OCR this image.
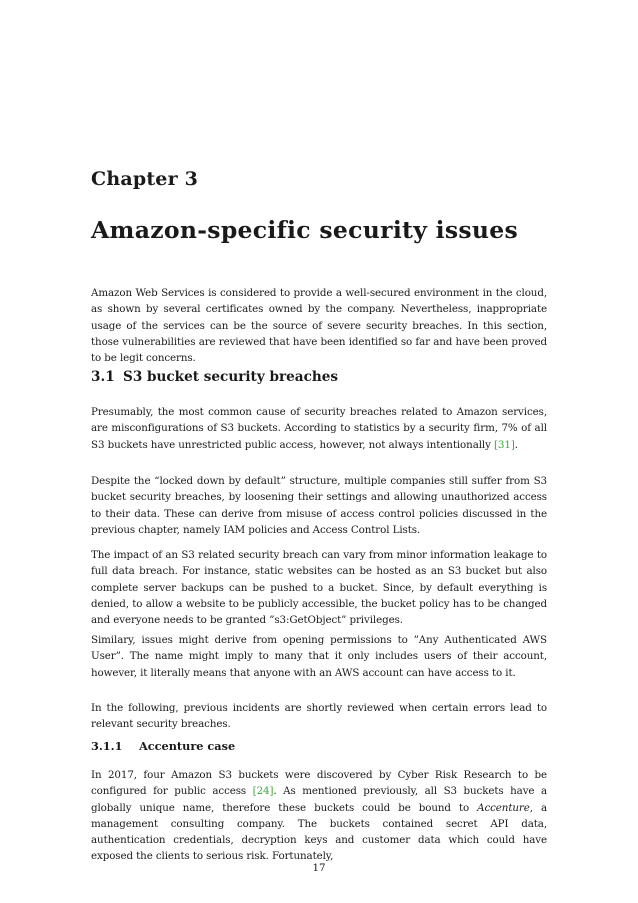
Chapter 3
Amazon-specific security issues

Amazon Web Services is considered to provide a well-secured environment in the cloud, as shown by several certificates owned by the company. Nevertheless, inappropriate usage of the services can be the source of severe security breaches. In this section, those vulnerabilities are reviewed that have been identified so far and have been proved to be legit concerns.

3.1 S3 bucket security breaches

Presumably, the most common cause of security breaches related to Amazon services, are misconfigurations of S3 buckets. According to statistics by a security firm, 7% of all S3 buckets have unrestricted public access, however, not always intentionally [31].

Despite the “locked down by default” structure, multiple companies still suffer from S3 bucket security breaches, by loosening their settings and allowing unauthorized access to their data. These can derive from misuse of access control policies discussed in the previous chapter, namely IAM policies and Access Control Lists.

The impact of an S3 related security breach can vary from minor information leakage to full data breach. For instance, static websites can be hosted as an S3 bucket but also complete server backups can be pushed to a bucket. Since, by default everything is denied, to allow a website to be publicly accessible, the bucket policy has to be changed and everyone needs to be granted ”s3:GetObject” privileges.

Similary, issues might derive from opening permissions to ”Any Authenticated AWS User”. The name might imply to many that it only includes users of their account, however, it literally means that anyone with an AWS account can have access to it.

In the following, previous incidents are shortly reviewed when certain errors lead to relevant security breaches.

3.1.1 Accenture case

In 2017, four Amazon S3 buckets were discovered by Cyber Risk Research to be configured for public access [24]. As mentioned previously, all S3 buckets have a globally unique name, therefore these buckets could be bound to Accenture, a management consulting company. The buckets contained secret API data, authentication credentials, decryption keys and customer data which could have exposed the clients to serious risk. Fortunately,

17
